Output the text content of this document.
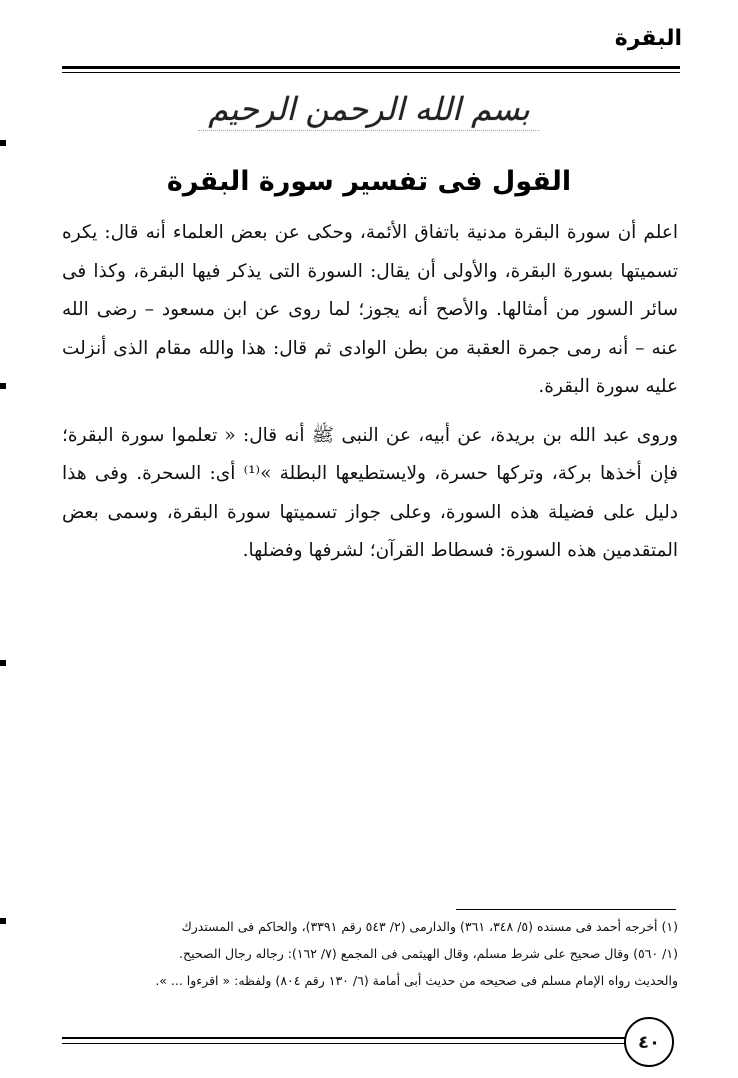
البقرة
بسم الله الرحمن الرحيم
القول فى تفسير سورة البقرة

اعلم أن سورة البقرة مدنية باتفاق الأئمة، وحكى عن بعض العلماء أنه قال: يكره تسميتها بسورة البقرة، والأولى أن يقال: السورة التى يذكر فيها البقرة، وكذا فى سائر السور من أمثالها. والأصح أنه يجوز؛ لما روى عن ابن مسعود – رضى الله عنه – أنه رمى جمرة العقبة من بطن الوادى ثم قال: هذا والله مقام الذى أنزلت عليه سورة البقرة.

وروى عبد الله بن بريدة، عن أبيه، عن النبى ﷺ أنه قال: « تعلموا سورة البقرة؛ فإن أخذها بركة، وتركها حسرة، ولايستطيعها البطلة »⁽¹⁾ أى: السحرة. وفى هذا دليل على فضيلة هذه السورة، وعلى جواز تسميتها سورة البقرة، وسمى بعض المتقدمين هذه السورة: فسطاط القرآن؛ لشرفها وفضلها.

(١) أخرجه أحمد فى مسنده (٥/ ٣٤٨، ٣٦١) والدارمى (٢/ ٥٤٣ رقم ٣٣٩١)، والحاكم فى المستدرك
(١/ ٥٦٠) وقال صحيح على شرط مسلم، وقال الهيثمى فى المجمع (٧/ ١٦٢): رجاله رجال الصحيح.
والحديث رواه الإمام مسلم فى صحيحه من حديث أبى أمامة (٦/ ١٣٠ رقم ٨٠٤) ولفظه: « اقرءوا ... ».
٤٠
